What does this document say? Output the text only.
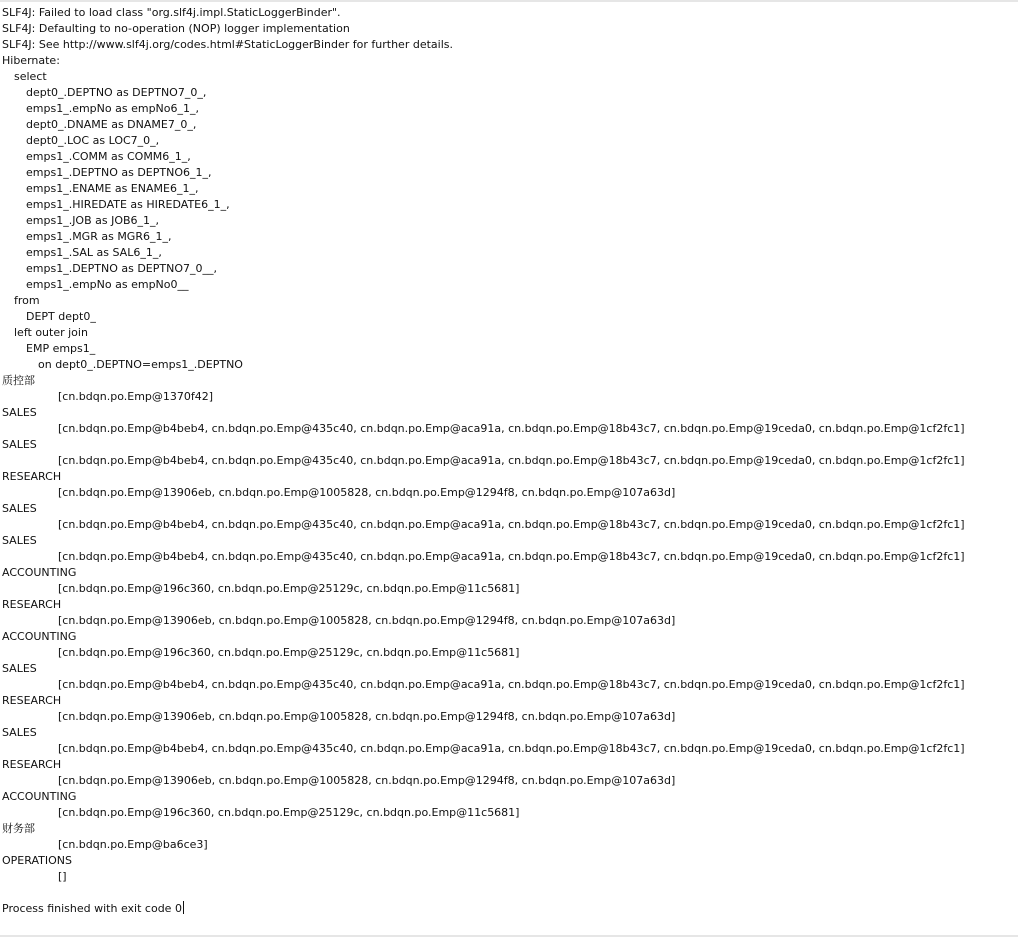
SLF4J: Failed to load class "org.slf4j.impl.StaticLoggerBinder".
SLF4J: Defaulting to no-operation (NOP) logger implementation
SLF4J: See http://www.slf4j.org/codes.html#StaticLoggerBinder for further details.
Hibernate:
select
dept0_.DEPTNO as DEPTNO7_0_,
emps1_.empNo as empNo6_1_,
dept0_.DNAME as DNAME7_0_,
dept0_.LOC as LOC7_0_,
emps1_.COMM as COMM6_1_,
emps1_.DEPTNO as DEPTNO6_1_,
emps1_.ENAME as ENAME6_1_,
emps1_.HIREDATE as HIREDATE6_1_,
emps1_.JOB as JOB6_1_,
emps1_.MGR as MGR6_1_,
emps1_.SAL as SAL6_1_,
emps1_.DEPTNO as DEPTNO7_0__,
emps1_.empNo as empNo0__
from
DEPT dept0_
left outer join
EMP emps1_
on dept0_.DEPTNO=emps1_.DEPTNO
质控部
[cn.bdqn.po.Emp@1370f42]
SALES
[cn.bdqn.po.Emp@b4beb4, cn.bdqn.po.Emp@435c40, cn.bdqn.po.Emp@aca91a, cn.bdqn.po.Emp@18b43c7, cn.bdqn.po.Emp@19ceda0, cn.bdqn.po.Emp@1cf2fc1]
SALES
[cn.bdqn.po.Emp@b4beb4, cn.bdqn.po.Emp@435c40, cn.bdqn.po.Emp@aca91a, cn.bdqn.po.Emp@18b43c7, cn.bdqn.po.Emp@19ceda0, cn.bdqn.po.Emp@1cf2fc1]
RESEARCH
[cn.bdqn.po.Emp@13906eb, cn.bdqn.po.Emp@1005828, cn.bdqn.po.Emp@1294f8, cn.bdqn.po.Emp@107a63d]
SALES
[cn.bdqn.po.Emp@b4beb4, cn.bdqn.po.Emp@435c40, cn.bdqn.po.Emp@aca91a, cn.bdqn.po.Emp@18b43c7, cn.bdqn.po.Emp@19ceda0, cn.bdqn.po.Emp@1cf2fc1]
SALES
[cn.bdqn.po.Emp@b4beb4, cn.bdqn.po.Emp@435c40, cn.bdqn.po.Emp@aca91a, cn.bdqn.po.Emp@18b43c7, cn.bdqn.po.Emp@19ceda0, cn.bdqn.po.Emp@1cf2fc1]
ACCOUNTING
[cn.bdqn.po.Emp@196c360, cn.bdqn.po.Emp@25129c, cn.bdqn.po.Emp@11c5681]
RESEARCH
[cn.bdqn.po.Emp@13906eb, cn.bdqn.po.Emp@1005828, cn.bdqn.po.Emp@1294f8, cn.bdqn.po.Emp@107a63d]
ACCOUNTING
[cn.bdqn.po.Emp@196c360, cn.bdqn.po.Emp@25129c, cn.bdqn.po.Emp@11c5681]
SALES
[cn.bdqn.po.Emp@b4beb4, cn.bdqn.po.Emp@435c40, cn.bdqn.po.Emp@aca91a, cn.bdqn.po.Emp@18b43c7, cn.bdqn.po.Emp@19ceda0, cn.bdqn.po.Emp@1cf2fc1]
RESEARCH
[cn.bdqn.po.Emp@13906eb, cn.bdqn.po.Emp@1005828, cn.bdqn.po.Emp@1294f8, cn.bdqn.po.Emp@107a63d]
SALES
[cn.bdqn.po.Emp@b4beb4, cn.bdqn.po.Emp@435c40, cn.bdqn.po.Emp@aca91a, cn.bdqn.po.Emp@18b43c7, cn.bdqn.po.Emp@19ceda0, cn.bdqn.po.Emp@1cf2fc1]
RESEARCH
[cn.bdqn.po.Emp@13906eb, cn.bdqn.po.Emp@1005828, cn.bdqn.po.Emp@1294f8, cn.bdqn.po.Emp@107a63d]
ACCOUNTING
[cn.bdqn.po.Emp@196c360, cn.bdqn.po.Emp@25129c, cn.bdqn.po.Emp@11c5681]
财务部
[cn.bdqn.po.Emp@ba6ce3]
OPERATIONS
[]
Process finished with exit code 0
